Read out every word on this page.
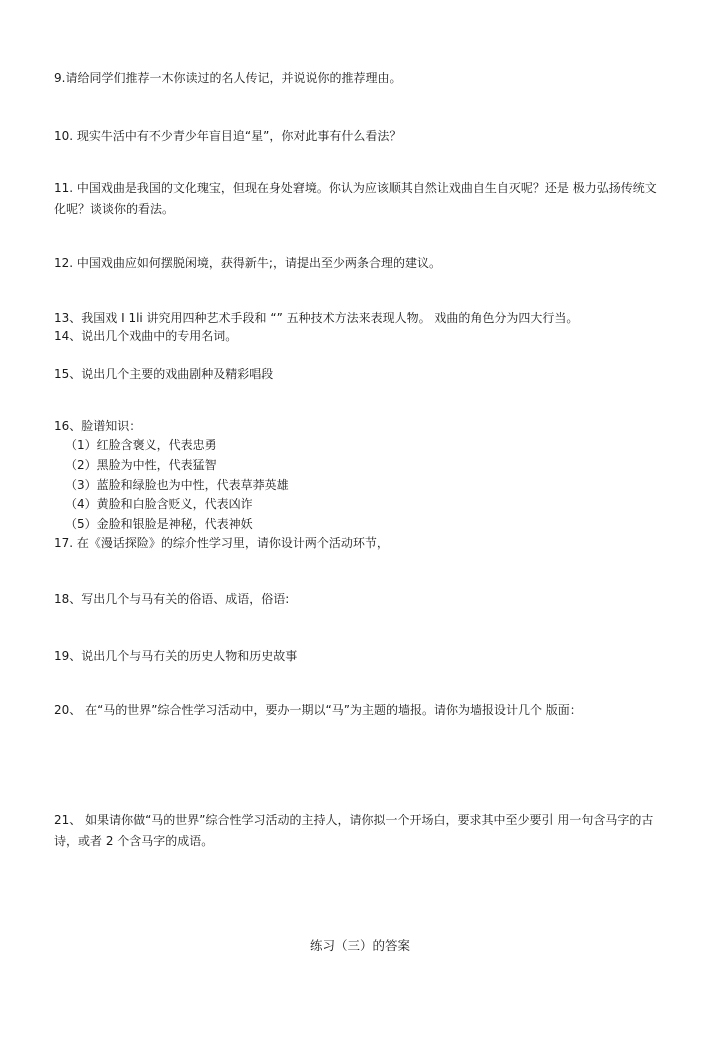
9.请给同学们推荐一木你读过的名人传记，并说说你的推荐理由。
10. 现实牛活中有不少青少年盲目追“星”，你对此事有什么看法？
11. 中国戏曲是我国的文化瑰宝，但现在身处窘境。你认为应该顺其自然让戏曲自生自灭呢？还是 极力弘扬传统文化呢？谈谈你的看法。
12. 中国戏曲应如何摆脱闲境，获得新牛;，请提出至少两条合理的建议。
13、我国戏 I 1li 讲究用四种艺术手段和 “” 五种技术方法来表现人物。 戏曲的角色分为四大行当。
14、说出几个戏曲中的专用名词。
15、说出几个主要的戏曲剧种及精彩唱段
16、脸谱知识：
（1）红脸含褒义，代表忠勇
（2）黑脸为中性，代表猛智
（3）蓝脸和绿脸也为中性，代表草莽英雄
（4）黄脸和白脸含贬义，代表凶诈
（5）金脸和银脸是神秘，代表神妖
17. 在《漫话探险》的综介性学习里，请你设计两个活动环节，
18、写出几个与马有关的俗语、成语，俗语:
19、说出几个与马冇关的历史人物和历史故事
20、 在“马的世界”综合性学习活动中，要办一期以“马”为主题的墙报。请你为墙报设计几个 版面：
21、 如果请你做“马的世界”综合性学习活动的主持人，请你拟一个开场白，要求其中至少要引 用一句含马字的古诗，或者 2 个含马字的成语。
练习（三）的答案
